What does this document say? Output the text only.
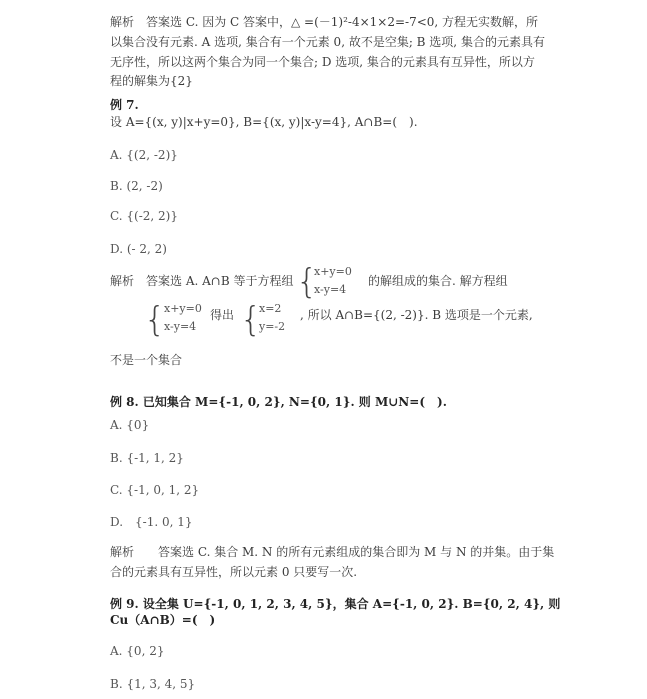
解析　答案选 C. 因为 C 答案中，△ =(－1)²-4×1×2=-7<0, 方程无实数解，所
以集合没有元素. A 选项, 集合有一个元素 0, 故不是空集; B 选项, 集合的元素具有
无序性，所以这两个集合为同一个集合; D 选项, 集合的元素具有互异性，所以方
程的解集为{2}
例 7.
设 A={(x, y)|x+y=0}, B={(x, y)|x-y=4}, A∩B=(　).
A. {(2, -2)}
B. (2, -2)
C. {(-2, 2)}
D. (- 2, 2)
解析　答案选 A. A∩B 等于方程组 {
x+y=0
x-y=4
的解组成的集合. 解方程组
{
x+y=0
x-y=4
得出 {
x=2
y=-2
, 所以 A∩B={(2, -2)}. B 选项是一个元素,
不是一个集合
例 8. 已知集合 M={-1, 0, 2}, N={0, 1}. 则 M∪N=(　).
A. {0}
B. {-1, 1, 2}
C. {-1, 0, 1, 2}
D.　{-1. 0, 1}
解析　　答案选 C. 集合 M. N 的所有元素组成的集合即为 M 与 N 的并集。由于集
合的元素具有互异性，所以元素 0 只要写一次.
例 9. 设全集 U={-1, 0, 1, 2, 3, 4, 5}，集合 A={-1, 0, 2}. B={0, 2, 4}, 则
Cu（A∩B）=(　)
A. {0, 2}
B. {1, 3, 4, 5}
